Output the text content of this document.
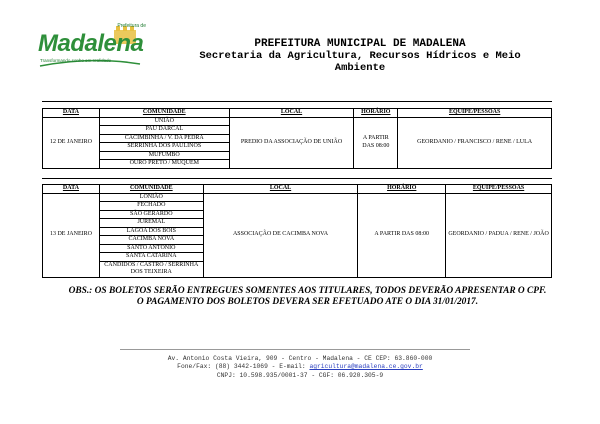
Prefeitura de
Madalena
Transformando sonho em realidade
PREFEITURA MUNICIPAL DE MADALENA
Secretaria da Agricultura, Recursos Hídricos e Meio
Ambiente
DATA	COMUNIDADE	LOCAL	HORÁRIO	EQUIPE/PESSOAS
12 DE JANEIRO	UNIÃO	PREDIO DA ASSOCIAÇÃO DE UNIÃO	A PARTIR DAS 08:00	GEORDANIO / FRANCISCO / RENE / LULA
	PAU DARCAL			
	CACIMBINHA / V. DA PEDRA			
	SERRINHA DOS PAULINOS			
	MUFUMBO			
	OURO PRETO / MUQUEM			
DATA	COMUNIDADE	LOCAL	HORÁRIO	EQUIPE/PESSOAS
13 DE JANEIRO	LONIÃO	ASSOCIAÇÃO DE CACIMBA NOVA	A PARTIR DAS 08:00	GEORDANIO / PADUA / RENE / JOÃO
	FECHADO			
	SÃO GERARDO			
	JUREMAL			
	LAGOA DOS BOIS			
	CACIMBA NOVA			
	SANTO ANTONIO			
	SANTA CATARINA			
	CANDIDOS / CASTRO / SERRINHA DOS TEIXEIRA			
OBS.: OS BOLETOS SERÃO ENTREGUES SOMENTES AOS TITULARES, TODOS DEVERÃO APRESENTAR O CPF.
O PAGAMENTO DOS BOLETOS DEVERA SER EFETUADO ATE O DIA 31/01/2017.
Av. Antonio Costa Vieira, 909 - Centro - Madalena - CE CEP: 63.860-000
Fone/Fax: (88) 3442-1069 - E-mail: agricultura@madalena.ce.gov.br
CNPJ: 10.598.935/0001-37 - CGF: 06.920.305-9
